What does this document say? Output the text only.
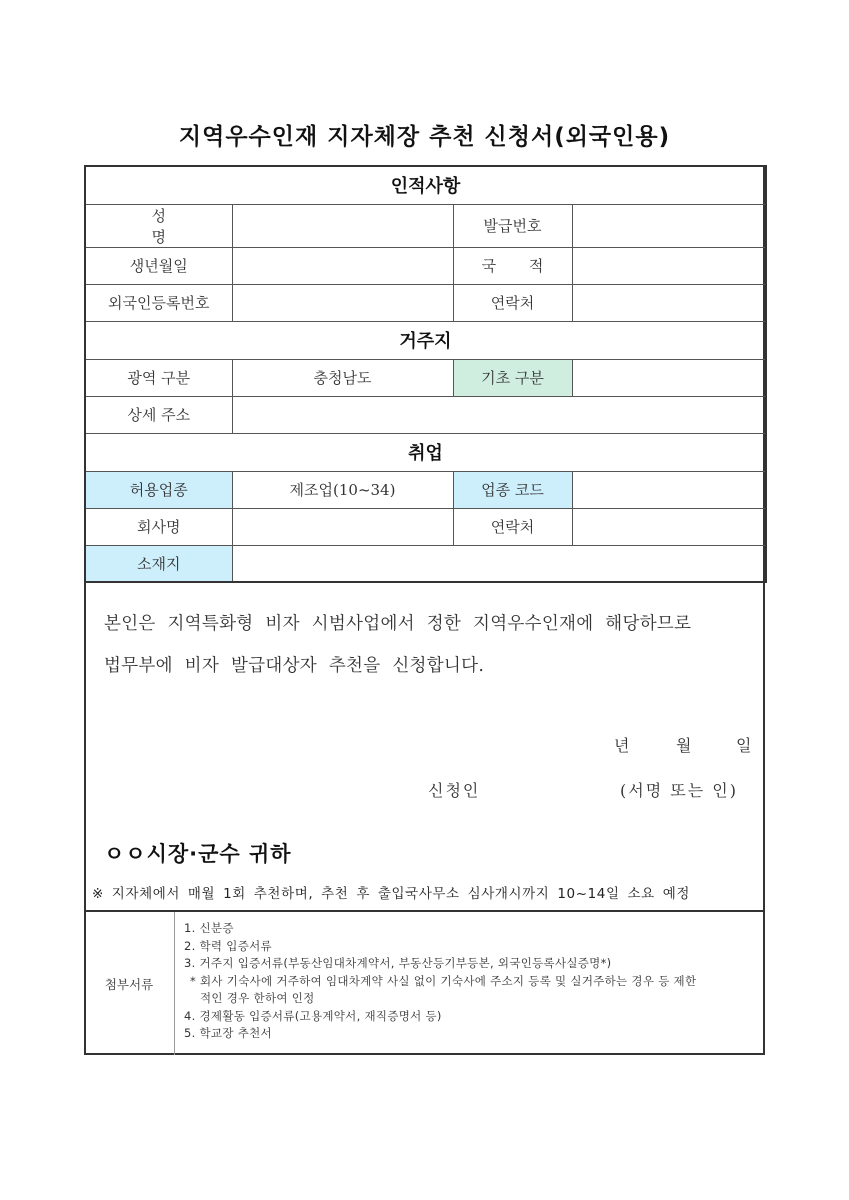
지역우수인재 지자체장 추천 신청서(외국인용)
인적사항			
성 명		발급번호	
생년월일		국 적	
외국인등록번호		연락처	
거주지			
광역 구분	충청남도	기초 구분	
상세 주소			
취업			
허용업종	제조업(10~34)	업종 코드	
회사명		연락처	
소재지			
본인은 지역특화형 비자 시범사업에서 정한 지역우수인재에 해당하므로
법무부에 비자 발급대상자 추천을 신청합니다.
년	월	일
신청인	(서명 또는 인)
ㅇㅇ시장·군수 귀하
※ 지자체에서 매월 1회 추천하며, 추천 후 출입국사무소 심사개시까지 10~14일 소요 예정
첨부서류
1. 신분증
2. 학력 입증서류
3. 거주지 입증서류(부동산임대차계약서, 부동산등기부등본, 외국인등록사실증명*)
* 회사 기숙사에 거주하여 임대차계약 사실 없이 기숙사에 주소지 등록 및 실거주하는 경우 등 제한
적인 경우 한하여 인정
4. 경제활동 입증서류(고용계약서, 재직증명서 등)
5. 학교장 추천서
